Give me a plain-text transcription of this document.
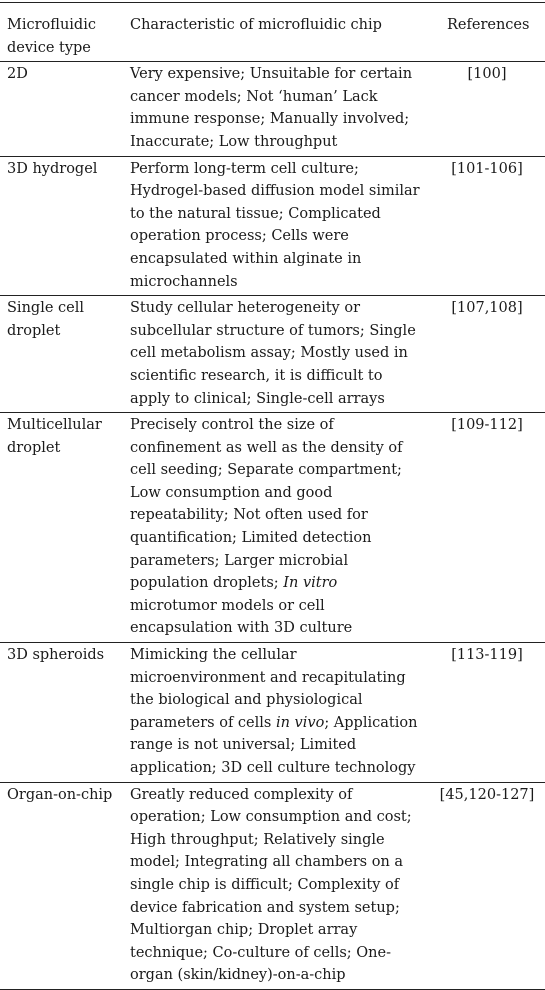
Microfluidic device type	Characteristic of microfluidic chip	References
2D	Very expensive; Unsuitable for certain cancer models; Not ‘human’ Lack immune response; Manually involved; Inaccurate; Low throughput	[100]
3D hydrogel	Perform long-term cell culture; Hydrogel-based diffusion model similar to the natural tissue; Complicated operation process; Cells were encapsulated within alginate in microchannels	[101-106]
Single cell droplet	Study cellular heterogeneity or subcellular structure of tumors; Single cell metabolism assay; Mostly used in scientific research, it is difficult to apply to clinical; Single-cell arrays	[107,108]
Multicellular droplet	Precisely control the size of confinement as well as the density of cell seeding; Separate compartment; Low consumption and good repeatability; Not often used for quantification; Limited detection parameters; Larger microbial population droplets; In vitro microtumor models or cell encapsulation with 3D culture	[109-112]
3D spheroids	Mimicking the cellular microenvironment and recapitulating the biological and physiological parameters of cells in vivo; Application range is not universal; Limited application; 3D cell culture technology	[113-119]
Organ-on-chip	Greatly reduced complexity of operation; Low consumption and cost; High throughput; Relatively single model; Integrating all chambers on a single chip is difficult; Complexity of device fabrication and system setup; Multiorgan chip; Droplet array technique; Co-culture of cells; One-organ (skin/kidney)-on-a-chip	[45,120-127]
